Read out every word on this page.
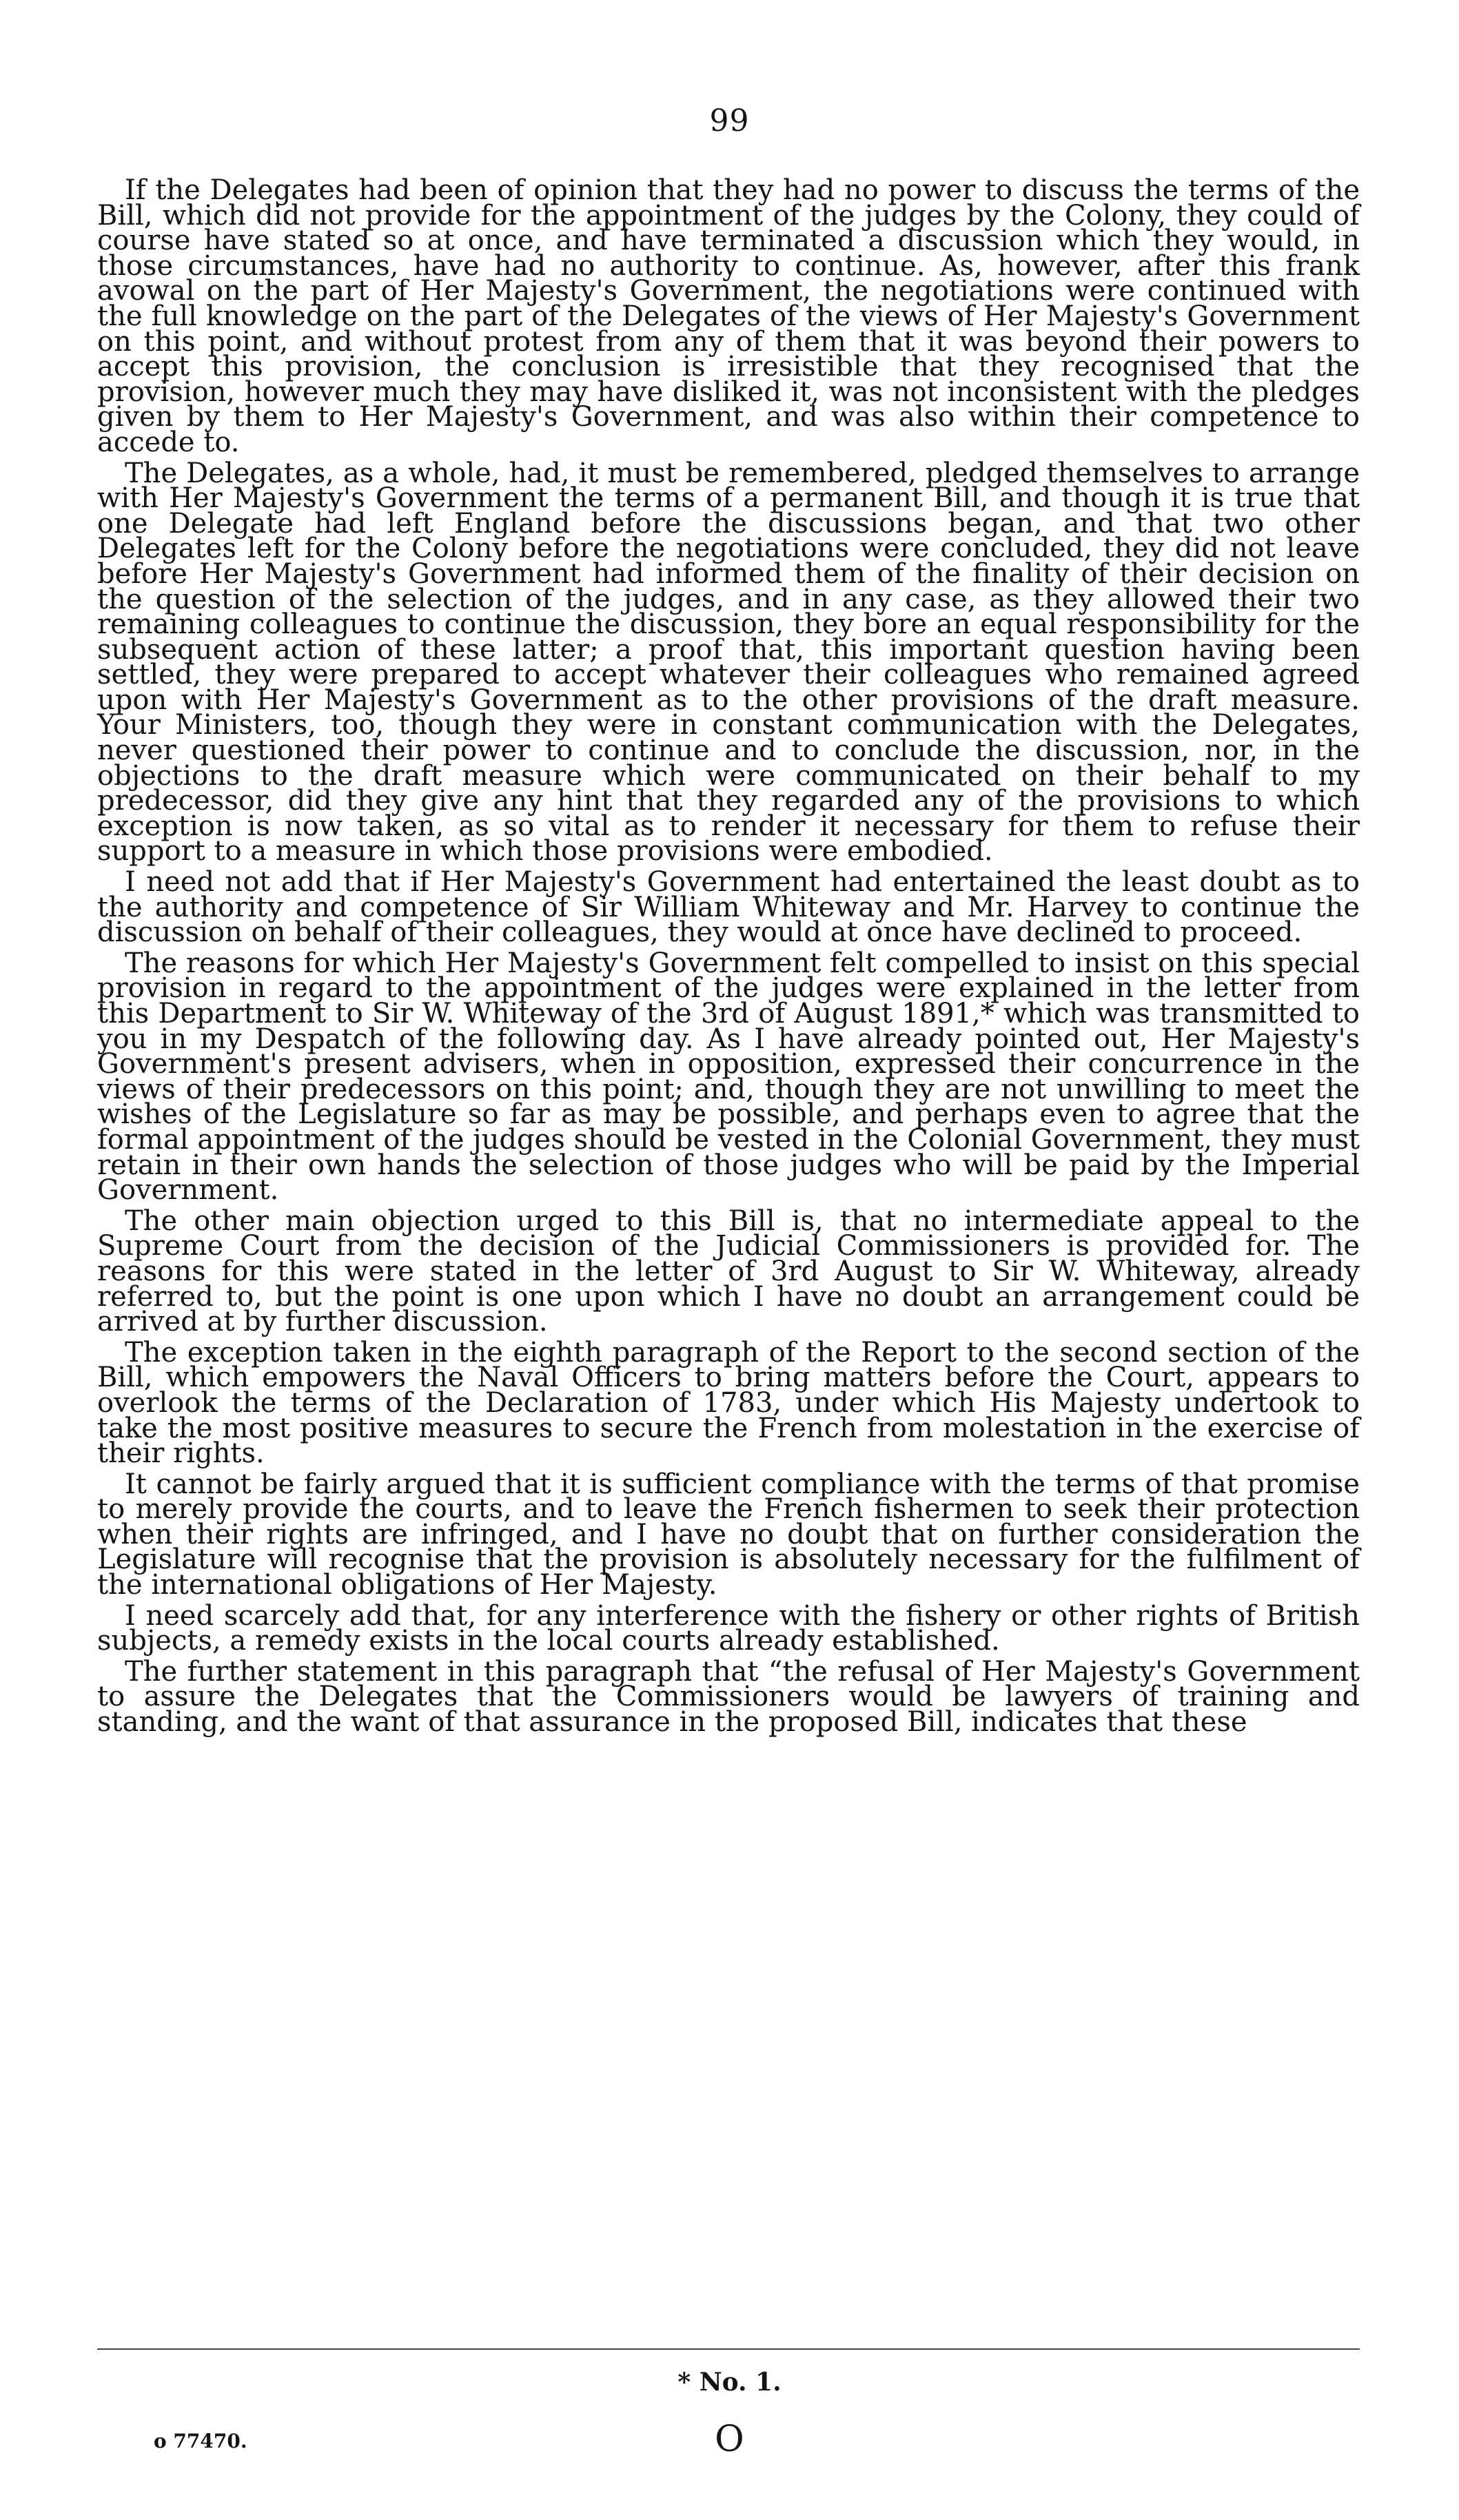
99

If the Delegates had been of opinion that they had no power to discuss the terms of the Bill, which did not provide for the appointment of the judges by the Colony, they could of course have stated so at once, and have terminated a discussion which they would, in those circumstances, have had no authority to continue. As, however, after this frank avowal on the part of Her Majesty's Government, the negotiations were continued with the full knowledge on the part of the Delegates of the views of Her Majesty's Government on this point, and without protest from any of them that it was beyond their powers to accept this provision, the conclusion is irresistible that they recognised that the provision, however much they may have disliked it, was not inconsistent with the pledges given by them to Her Majesty's Government, and was also within their competence to accede to.

The Delegates, as a whole, had, it must be remembered, pledged themselves to arrange with Her Majesty's Government the terms of a permanent Bill, and though it is true that one Delegate had left England before the discussions began, and that two other Delegates left for the Colony before the negotiations were concluded, they did not leave before Her Majesty's Government had informed them of the finality of their decision on the question of the selection of the judges, and in any case, as they allowed their two remaining colleagues to continue the discussion, they bore an equal responsibility for the subsequent action of these latter; a proof that, this important question having been settled, they were prepared to accept whatever their colleagues who remained agreed upon with Her Majesty's Government as to the other provisions of the draft measure. Your Ministers, too, though they were in constant communication with the Delegates, never questioned their power to continue and to conclude the discussion, nor, in the objections to the draft measure which were communicated on their behalf to my predecessor, did they give any hint that they regarded any of the provisions to which exception is now taken, as so vital as to render it necessary for them to refuse their support to a measure in which those provisions were embodied.

I need not add that if Her Majesty's Government had entertained the least doubt as to the authority and competence of Sir William Whiteway and Mr. Harvey to continue the discussion on behalf of their colleagues, they would at once have declined to proceed.

The reasons for which Her Majesty's Government felt compelled to insist on this special provision in regard to the appointment of the judges were explained in the letter from this Department to Sir W. Whiteway of the 3rd of August 1891,* which was transmitted to you in my Despatch of the following day. As I have already pointed out, Her Majesty's Government's present advisers, when in opposition, expressed their concurrence in the views of their predecessors on this point; and, though they are not unwilling to meet the wishes of the Legislature so far as may be possible, and perhaps even to agree that the formal appointment of the judges should be vested in the Colonial Government, they must retain in their own hands the selection of those judges who will be paid by the Imperial Government.

The other main objection urged to this Bill is, that no intermediate appeal to the Supreme Court from the decision of the Judicial Commissioners is provided for. The reasons for this were stated in the letter of 3rd August to Sir W. Whiteway, already referred to, but the point is one upon which I have no doubt an arrangement could be arrived at by further discussion.

The exception taken in the eighth paragraph of the Report to the second section of the Bill, which empowers the Naval Officers to bring matters before the Court, appears to overlook the terms of the Declaration of 1783, under which His Majesty undertook to take the most positive measures to secure the French from molestation in the exercise of their rights.

It cannot be fairly argued that it is sufficient compliance with the terms of that promise to merely provide the courts, and to leave the French fishermen to seek their protection when their rights are infringed, and I have no doubt that on further consideration the Legislature will recognise that the provision is absolutely necessary for the fulfilment of the international obligations of Her Majesty.

I need scarcely add that, for any interference with the fishery or other rights of British subjects, a remedy exists in the local courts already established.

The further statement in this paragraph that “the refusal of Her Majesty's Government to assure the Delegates that the Commissioners would be lawyers of training and standing, and the want of that assurance in the proposed Bill, indicates that these

* No. 1.
o 77470.	O
